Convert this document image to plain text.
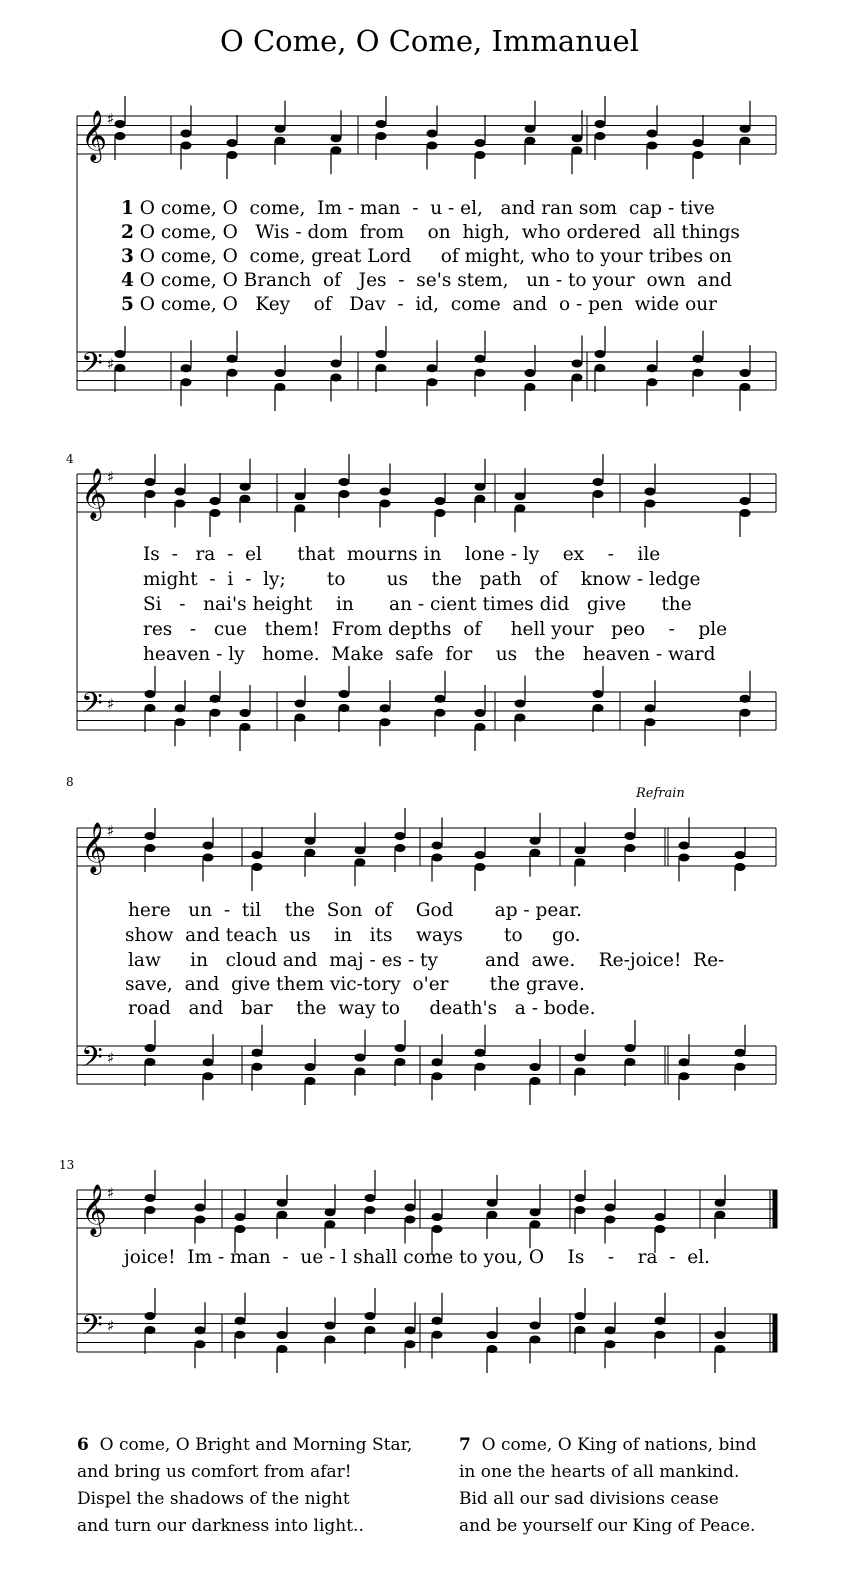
O Come, O Come, Immanuel
𝄞
𝄢
♯
♯
𝄞
𝄢
♯
♯
𝄞
𝄢
♯
♯
𝄞
𝄢
♯
♯
4
8
13
Refrain
1 O come, O  come,  Im - man  -  u - el,   and ran som  cap - tive
2 O come, O   Wis - dom  from    on  high,  who ordered  all things
3 O come, O  come, great Lord     of might, who to your tribes on
4 O come, O Branch  of   Jes  -  se's stem,   un - to your  own  and
5 O come, O   Key    of   Dav  -  id,  come  and  o - pen  wide our
Is  -   ra  -  el      that  mourns in    lone - ly    ex    -    ile
might  -  i  -  ly;       to       us    the   path   of    know - ledge
Si   -   nai's height    in      an - cient times did   give      the
res   -   cue   them!  From depths  of     hell your   peo    -    ple
heaven - ly   home.  Make  safe  for    us   the   heaven - ward
here   un  -  til    the  Son  of    God       ap - pear.
show  and teach  us    in   its    ways       to     go.
law     in   cloud and  maj - es - ty        and  awe.    Re-joice!  Re-
save,  and  give them vic-tory  o'er       the grave.
road   and   bar    the  way to     death's   a - bode.
joice!  Im - man  -  ue - l shall come to you, O    Is    -    ra  -  el.
6 O come, O Bright and Morning Star,
and bring us comfort from afar!
Dispel the shadows of the night
and turn our darkness into light..
7 O come, O King of nations, bind
in one the hearts of all mankind.
Bid all our sad divisions cease
and be yourself our King of Peace.
